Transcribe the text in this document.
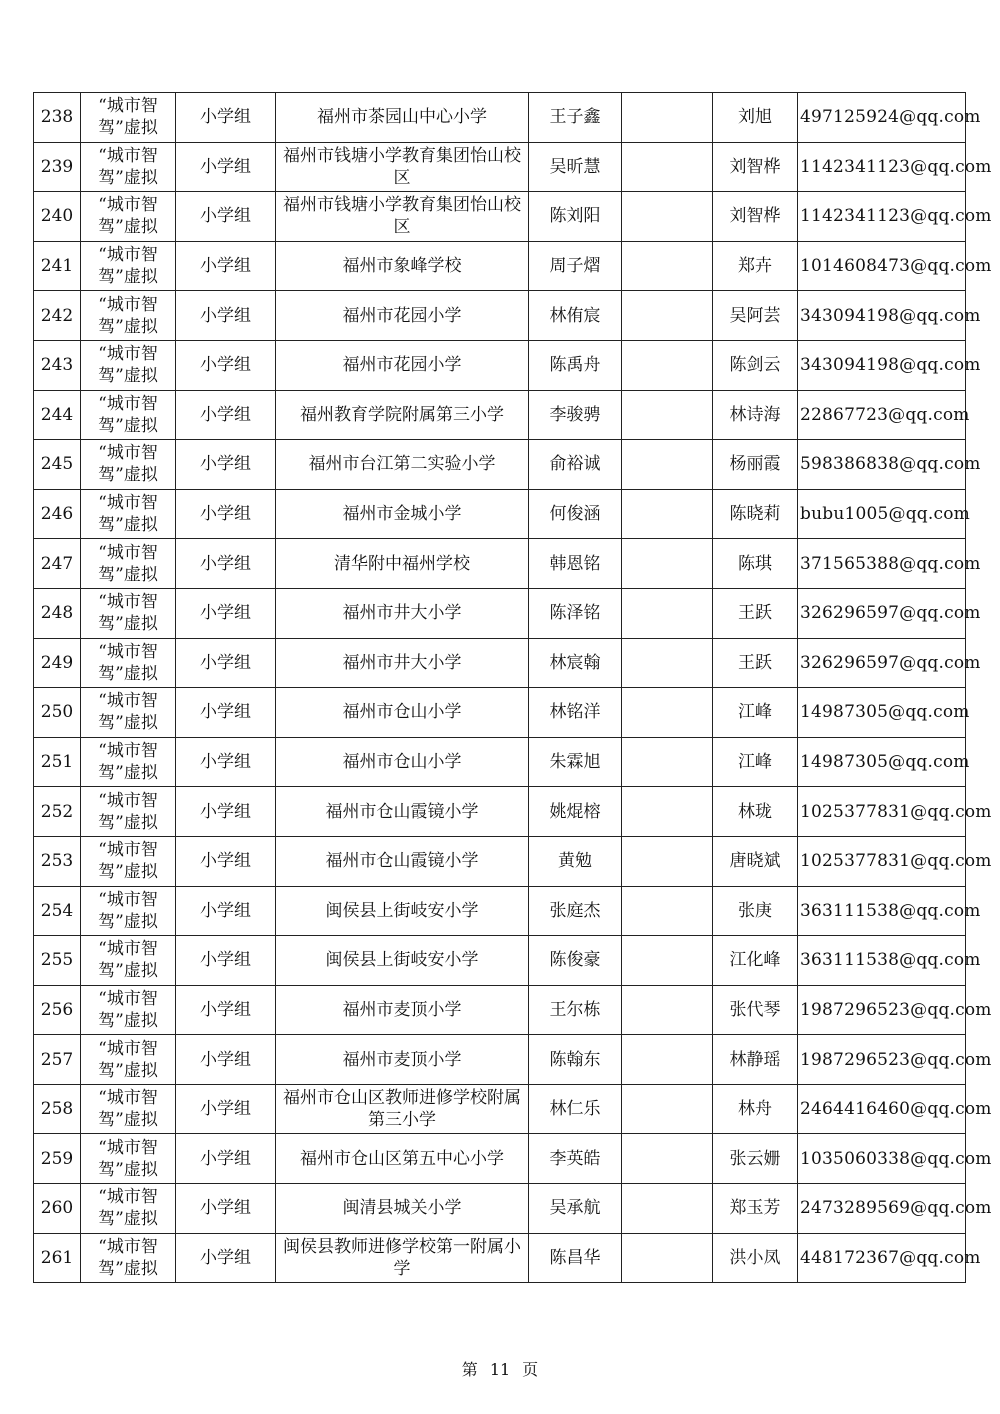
238	“城市智驾”虚拟	小学组	福州市茶园山中心小学	王子鑫		刘旭	497125924@qq.com
239	“城市智驾”虚拟	小学组	福州市钱塘小学教育集团怡山校区	吴昕慧		刘智桦	1142341123@qq.com
240	“城市智驾”虚拟	小学组	福州市钱塘小学教育集团怡山校区	陈刘阳		刘智桦	1142341123@qq.com
241	“城市智驾”虚拟	小学组	福州市象峰学校	周子熠		郑卉	1014608473@qq.com
242	“城市智驾”虚拟	小学组	福州市花园小学	林侑宸		吴阿芸	343094198@qq.com
243	“城市智驾”虚拟	小学组	福州市花园小学	陈禹舟		陈剑云	343094198@qq.com
244	“城市智驾”虚拟	小学组	福州教育学院附属第三小学	李骏骋		林诗海	22867723@qq.com
245	“城市智驾”虚拟	小学组	福州市台江第二实验小学	俞裕诚		杨丽霞	598386838@qq.com
246	“城市智驾”虚拟	小学组	福州市金城小学	何俊涵		陈晓莉	bubu1005@qq.com
247	“城市智驾”虚拟	小学组	清华附中福州学校	韩恩铭		陈琪	371565388@qq.com
248	“城市智驾”虚拟	小学组	福州市井大小学	陈泽铭		王跃	326296597@qq.com
249	“城市智驾”虚拟	小学组	福州市井大小学	林宸翰		王跃	326296597@qq.com
250	“城市智驾”虚拟	小学组	福州市仓山小学	林铭洋		江峰	14987305@qq.com
251	“城市智驾”虚拟	小学组	福州市仓山小学	朱霖旭		江峰	14987305@qq.com
252	“城市智驾”虚拟	小学组	福州市仓山霞镜小学	姚焜榕		林珑	1025377831@qq.com
253	“城市智驾”虚拟	小学组	福州市仓山霞镜小学	黄勉		唐晓斌	1025377831@qq.com
254	“城市智驾”虚拟	小学组	闽侯县上街岐安小学	张庭杰		张庚	363111538@qq.com
255	“城市智驾”虚拟	小学组	闽侯县上街岐安小学	陈俊豪		江化峰	363111538@qq.com
256	“城市智驾”虚拟	小学组	福州市麦顶小学	王尔栋		张代琴	1987296523@qq.com
257	“城市智驾”虚拟	小学组	福州市麦顶小学	陈翰东		林静瑶	1987296523@qq.com
258	“城市智驾”虚拟	小学组	福州市仓山区教师进修学校附属第三小学	林仁乐		林舟	2464416460@qq.com
259	“城市智驾”虚拟	小学组	福州市仓山区第五中心小学	李英皓		张云姗	1035060338@qq.com
260	“城市智驾”虚拟	小学组	闽清县城关小学	吴承航		郑玉芳	2473289569@qq.com
261	“城市智驾”虚拟	小学组	闽侯县教师进修学校第一附属小学	陈昌华		洪小凤	448172367@qq.com
第 11 页
